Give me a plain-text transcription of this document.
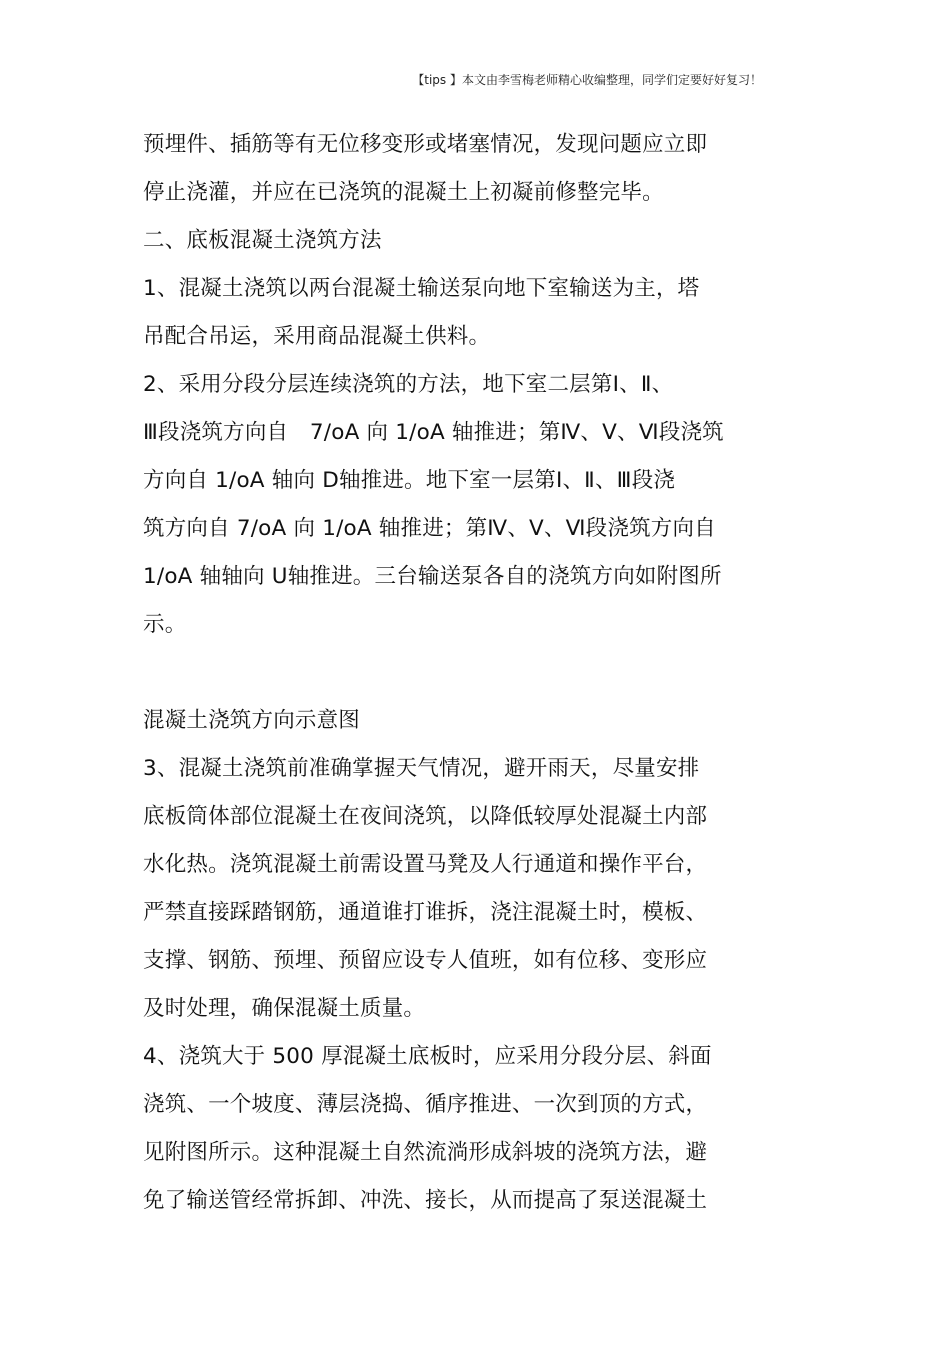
【tips 】本文由李雪梅老师精心收编整理，同学们定要好好复习！
预埋件、插筋等有无位移变形或堵塞情况，发现问题应立即
停止浇灌，并应在已浇筑的混凝土上初凝前修整完毕。
二、底板混凝土浇筑方法
1、混凝土浇筑以两台混凝土输送泵向地下室输送为主，塔
吊配合吊运，采用商品混凝土供料。
2、采用分段分层连续浇筑的方法，地下室二层第Ⅰ、Ⅱ、
Ⅲ段浇筑方向自　7/oA 向 1/oA 轴推进；第Ⅳ、Ⅴ、Ⅵ段浇筑
方向自 1/oA 轴向 D轴推进。地下室一层第Ⅰ、Ⅱ、Ⅲ段浇
筑方向自 7/oA 向 1/oA 轴推进；第Ⅳ、Ⅴ、Ⅵ段浇筑方向自
1/oA 轴轴向 U轴推进。三台输送泵各自的浇筑方向如附图所
示。
混凝土浇筑方向示意图
3、混凝土浇筑前准确掌握天气情况，避开雨天，尽量安排
底板筒体部位混凝土在夜间浇筑，以降低较厚处混凝土内部
水化热。浇筑混凝土前需设置马凳及人行通道和操作平台，
严禁直接踩踏钢筋，通道谁打谁拆，浇注混凝土时，模板、
支撑、钢筋、预埋、预留应设专人值班，如有位移、变形应
及时处理，确保混凝土质量。
4、浇筑大于 500 厚混凝土底板时，应采用分段分层、斜面
浇筑、一个坡度、薄层浇捣、循序推进、一次到顶的方式，
见附图所示。这种混凝土自然流淌形成斜坡的浇筑方法，避
免了输送管经常拆卸、冲洗、接长，从而提高了泵送混凝土
